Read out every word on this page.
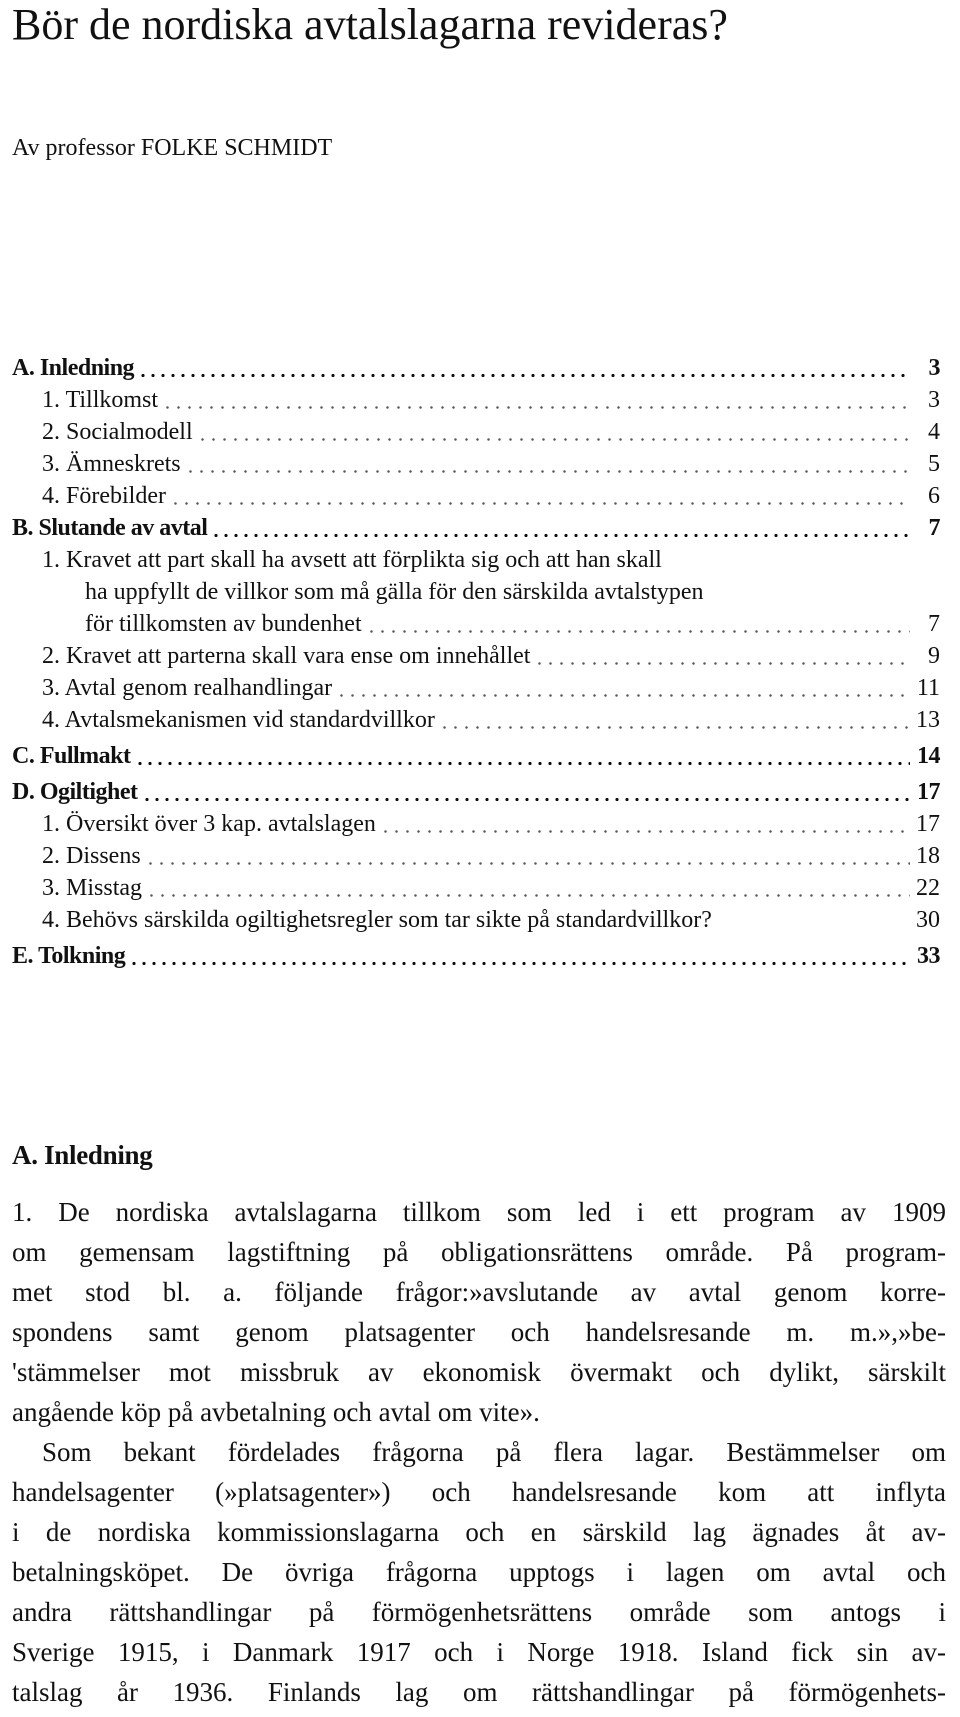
Bör de nordiska avtalslagarna revideras?
Av professor FOLKE SCHMIDT
A. Inledning	3
1. Tillkomst	3
2. Socialmodell	4
3. Ämneskrets	5
4. Förebilder	6
B. Slutande av avtal	7
1. Kravet att part skall ha avsett att förplikta sig och att han skall
ha uppfyllt de villkor som må gälla för den särskilda avtalstypen
för tillkomsten av bundenhet	7
2. Kravet att parterna skall vara ense om innehållet	9
3. Avtal genom realhandlingar	11
4. Avtalsmekanismen vid standardvillkor	13
C. Fullmakt	14
D. Ogiltighet	17
1. Översikt över 3 kap. avtalslagen	17
2. Dissens	18
3. Misstag	22
4. Behövs särskilda ogiltighetsregler som tar sikte på standardvillkor?	30
E. Tolkning	33
A. Inledning
1. De nordiska avtalslagarna tillkom som led i ett program av 1909
om gemensam lagstiftning på obligationsrättens område. På program-
met stod bl. a. följande frågor:»avslutande av avtal genom korre-
spondens samt genom platsagenter och handelsresande m. m.»,»be-
'stämmelser mot missbruk av ekonomisk övermakt och dylikt, särskilt
angående köp på avbetalning och avtal om vite».
Som bekant fördelades frågorna på flera lagar. Bestämmelser om
handelsagenter (»platsagenter») och handelsresande kom att inflyta
i de nordiska kommissionslagarna och en särskild lag ägnades åt av-
betalningsköpet. De övriga frågorna upptogs i lagen om avtal och
andra rättshandlingar på förmögenhetsrättens område som antogs i
Sverige 1915, i Danmark 1917 och i Norge 1918. Island fick sin av-
talslag år 1936. Finlands lag om rättshandlingar på förmögenhets-
